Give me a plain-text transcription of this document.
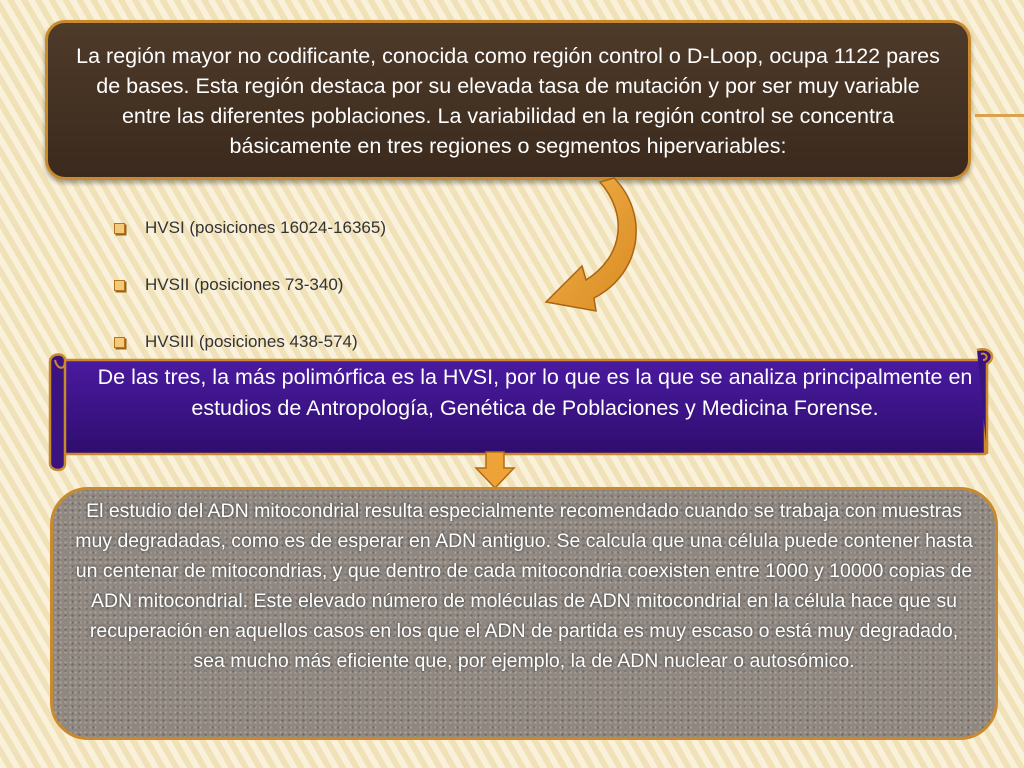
La región mayor no codificante, conocida como región control o D-Loop, ocupa 1122 pares de bases. Esta región destaca por su elevada tasa de mutación y por ser muy variable entre las diferentes poblaciones. La variabilidad en la región control se concentra básicamente en tres regiones o segmentos hipervariables:
HVSI (posiciones 16024-16365)
HVSII (posiciones 73-340)
HVSIII (posiciones 438-574)
De las tres, la más polimórfica es la HVSI, por lo que es la que se analiza principalmente en estudios de Antropología, Genética de Poblaciones y Medicina Forense.
El estudio del ADN mitocondrial resulta especialmente recomendado cuando se trabaja con muestras muy degradadas, como es de esperar en ADN antiguo. Se calcula que una célula puede contener hasta un centenar de mitocondrias, y que dentro de cada mitocondria coexisten entre 1000 y 10000 copias de ADN mitocondrial. Este elevado número de moléculas de ADN mitocondrial en la célula hace que su recuperación en aquellos casos en los que el ADN de partida es muy escaso o está muy degradado, sea mucho más eficiente que, por ejemplo, la de ADN nuclear o autosómico.
